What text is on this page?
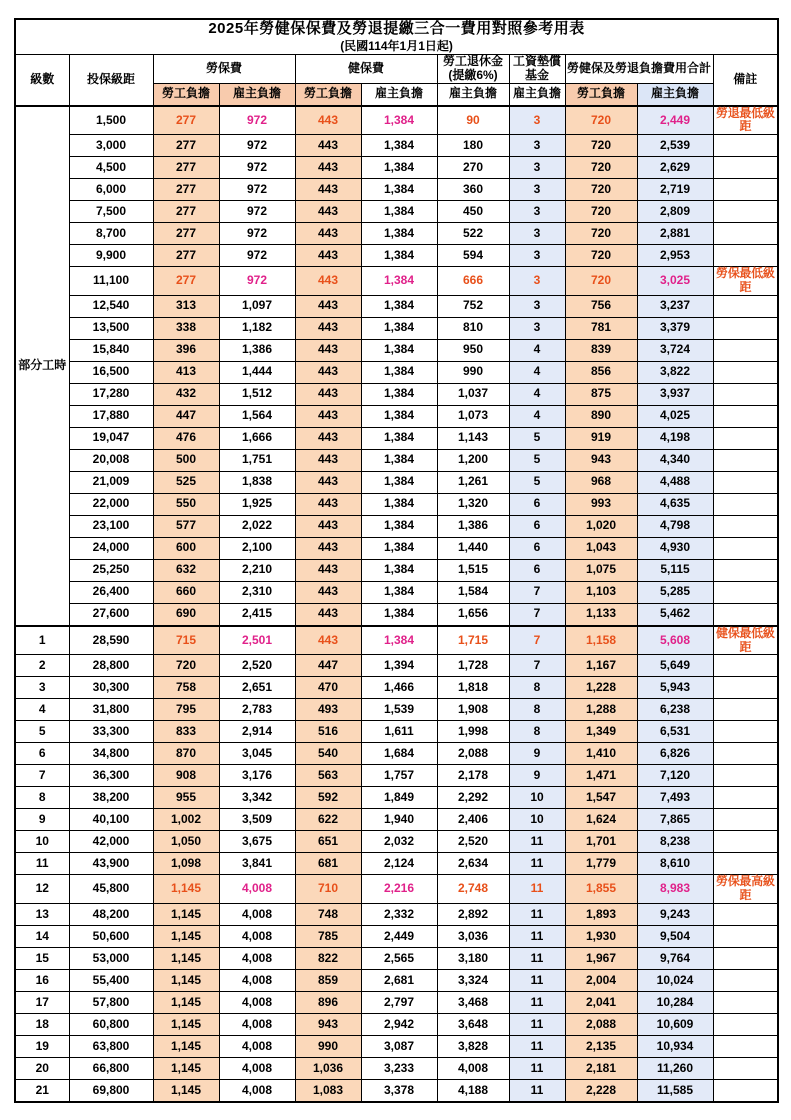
2025年勞健保保費及勞退提繳三合一費用對照參考用表
(民國114年1月1日起)										

級數	投保級距	勞保費		健保費		勞工退休金(提繳6%)	工資墊償基金	勞健保及勞退負擔費用合計		備註

		勞工負擔	雇主負擔	勞工負擔	雇主負擔	雇主負擔	雇主負擔	勞工負擔	雇主負擔	
部分工時	1,500	277	972	443	1,384	90	3	720	2,449	勞退最低級距
	3,000	277	972	443	1,384	180	3	720	2,539	
	4,500	277	972	443	1,384	270	3	720	2,629	
	6,000	277	972	443	1,384	360	3	720	2,719	
	7,500	277	972	443	1,384	450	3	720	2,809	
	8,700	277	972	443	1,384	522	3	720	2,881	
	9,900	277	972	443	1,384	594	3	720	2,953	
	11,100	277	972	443	1,384	666	3	720	3,025	勞保最低級距
	12,540	313	1,097	443	1,384	752	3	756	3,237	
	13,500	338	1,182	443	1,384	810	3	781	3,379	
	15,840	396	1,386	443	1,384	950	4	839	3,724	
	16,500	413	1,444	443	1,384	990	4	856	3,822	
	17,280	432	1,512	443	1,384	1,037	4	875	3,937	
	17,880	447	1,564	443	1,384	1,073	4	890	4,025	
	19,047	476	1,666	443	1,384	1,143	5	919	4,198	
	20,008	500	1,751	443	1,384	1,200	5	943	4,340	
	21,009	525	1,838	443	1,384	1,261	5	968	4,488	
	22,000	550	1,925	443	1,384	1,320	6	993	4,635	
	23,100	577	2,022	443	1,384	1,386	6	1,020	4,798	
	24,000	600	2,100	443	1,384	1,440	6	1,043	4,930	
	25,250	632	2,210	443	1,384	1,515	6	1,075	5,115	
	26,400	660	2,310	443	1,384	1,584	7	1,103	5,285	
	27,600	690	2,415	443	1,384	1,656	7	1,133	5,462	
1	28,590	715	2,501	443	1,384	1,715	7	1,158	5,608	健保最低級距
2	28,800	720	2,520	447	1,394	1,728	7	1,167	5,649	
3	30,300	758	2,651	470	1,466	1,818	8	1,228	5,943	
4	31,800	795	2,783	493	1,539	1,908	8	1,288	6,238	
5	33,300	833	2,914	516	1,611	1,998	8	1,349	6,531	
6	34,800	870	3,045	540	1,684	2,088	9	1,410	6,826	
7	36,300	908	3,176	563	1,757	2,178	9	1,471	7,120	
8	38,200	955	3,342	592	1,849	2,292	10	1,547	7,493	
9	40,100	1,002	3,509	622	1,940	2,406	10	1,624	7,865	
10	42,000	1,050	3,675	651	2,032	2,520	11	1,701	8,238	
11	43,900	1,098	3,841	681	2,124	2,634	11	1,779	8,610	
12	45,800	1,145	4,008	710	2,216	2,748	11	1,855	8,983	勞保最高級距
13	48,200	1,145	4,008	748	2,332	2,892	11	1,893	9,243	
14	50,600	1,145	4,008	785	2,449	3,036	11	1,930	9,504	
15	53,000	1,145	4,008	822	2,565	3,180	11	1,967	9,764	
16	55,400	1,145	4,008	859	2,681	3,324	11	2,004	10,024	
17	57,800	1,145	4,008	896	2,797	3,468	11	2,041	10,284	
18	60,800	1,145	4,008	943	2,942	3,648	11	2,088	10,609	
19	63,800	1,145	4,008	990	3,087	3,828	11	2,135	10,934	
20	66,800	1,145	4,008	1,036	3,233	4,008	11	2,181	11,260	
21	69,800	1,145	4,008	1,083	3,378	4,188	11	2,228	11,585	
